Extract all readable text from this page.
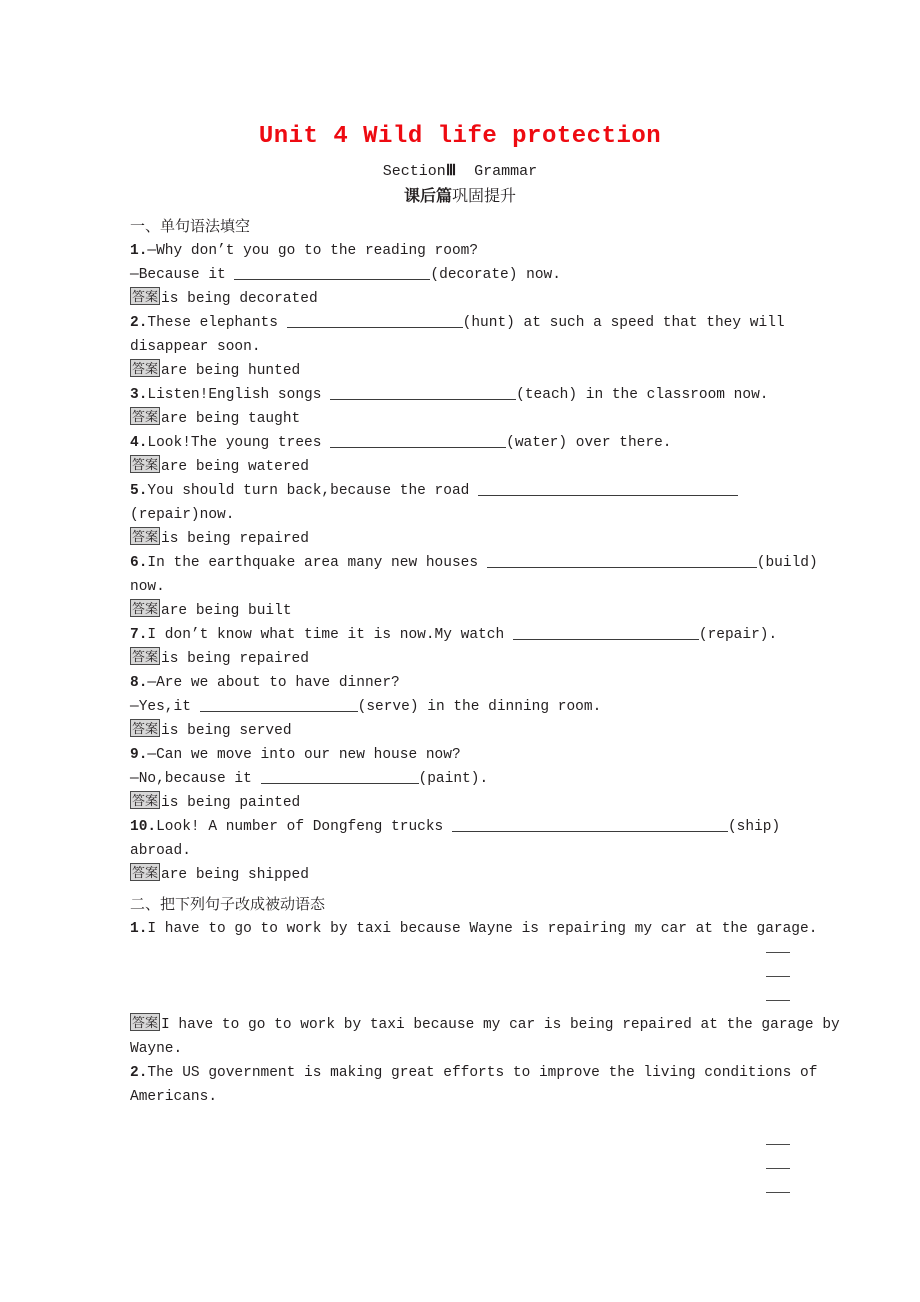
Unit 4 Wild life protection
SectionⅢ Grammar
课后篇巩固提升
一、单句语法填空
1.—Why don’t you go to the reading room?
—Because it	(decorate) now.
答案 is being decorated
2.These elephants	(hunt) at such a speed that they will
disappear soon.
答案 are being hunted
3.Listen!English songs	(teach) in the classroom now.
答案 are being taught
4.Look!The young trees	(water) over there.
答案 are being watered
5.You should turn back,because the road
(repair)now.
答案 is being repaired
6.In the earthquake area many new houses	(build)
now.
答案 are being built
7.I don’t know what time it is now.My watch	(repair).
答案 is being repaired
8.—Are we about to have dinner?
—Yes,it	(serve) in the dinning room.
答案 is being served
9.—Can we move into our new house now?
—No,because it	(paint).
答案 is being painted
10.Look! A number of Dongfeng trucks	(ship)
abroad.
答案 are being shipped
二、把下列句子改成被动语态
1.I have to go to work by taxi because Wayne is repairing my car at the garage.
答案 I have to go to work by taxi because my car is being repaired at the garage by
Wayne.
2.The US government is making great efforts to improve the living conditions of
Americans.
